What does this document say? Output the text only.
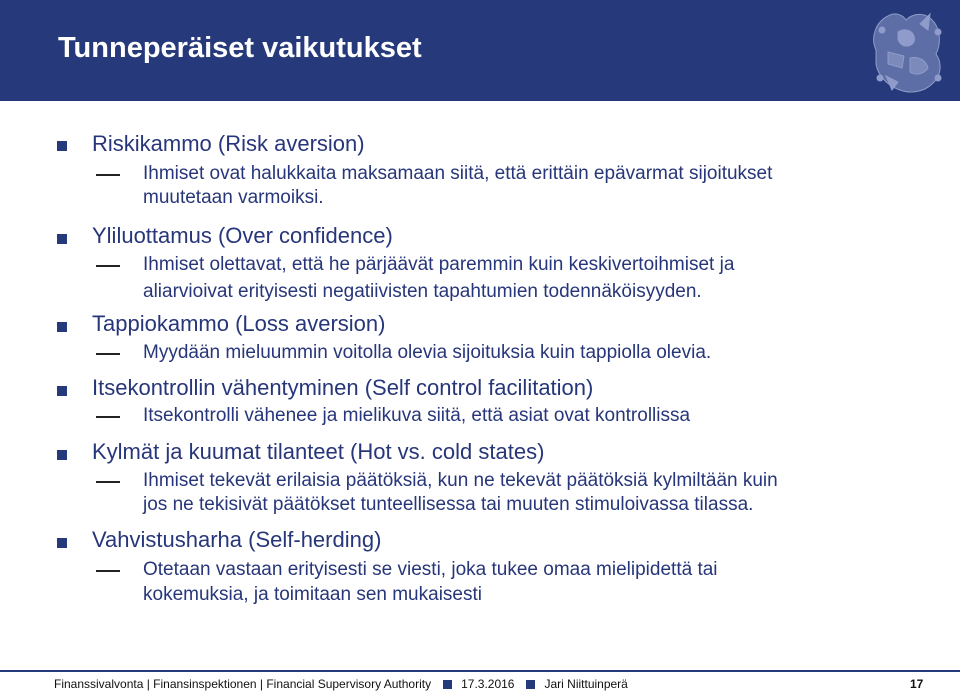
Tunneperäiset vaikutukset
Riskikammo (Risk aversion)
Ihmiset ovat halukkaita maksamaan siitä, että erittäin epävarmat sijoitukset
muutetaan varmoiksi.
Yliluottamus (Over confidence)
Ihmiset olettavat, että he pärjäävät paremmin kuin keskivertoihmiset ja
aliarvioivat erityisesti negatiivisten tapahtumien todennäköisyyden.
Tappiokammo (Loss aversion)
Myydään mieluummin voitolla olevia sijoituksia kuin tappiolla olevia.
Itsekontrollin vähentyminen (Self control facilitation)
Itsekontrolli vähenee ja mielikuva siitä, että asiat ovat kontrollissa
Kylmät ja kuumat tilanteet (Hot vs. cold states)
Ihmiset tekevät erilaisia päätöksiä, kun ne tekevät päätöksiä kylmiltään kuin
jos ne tekisivät päätökset tunteellisessa tai muuten stimuloivassa tilassa.
Vahvistusharha (Self-herding)
Otetaan vastaan erityisesti se viesti, joka tukee omaa mielipidettä tai
kokemuksia, ja toimitaan sen mukaisesti
Finanssivalvonta | Finansinspektionen | Financial Supervisory Authority	17.3.2016	Jari Niittuinperä	17
